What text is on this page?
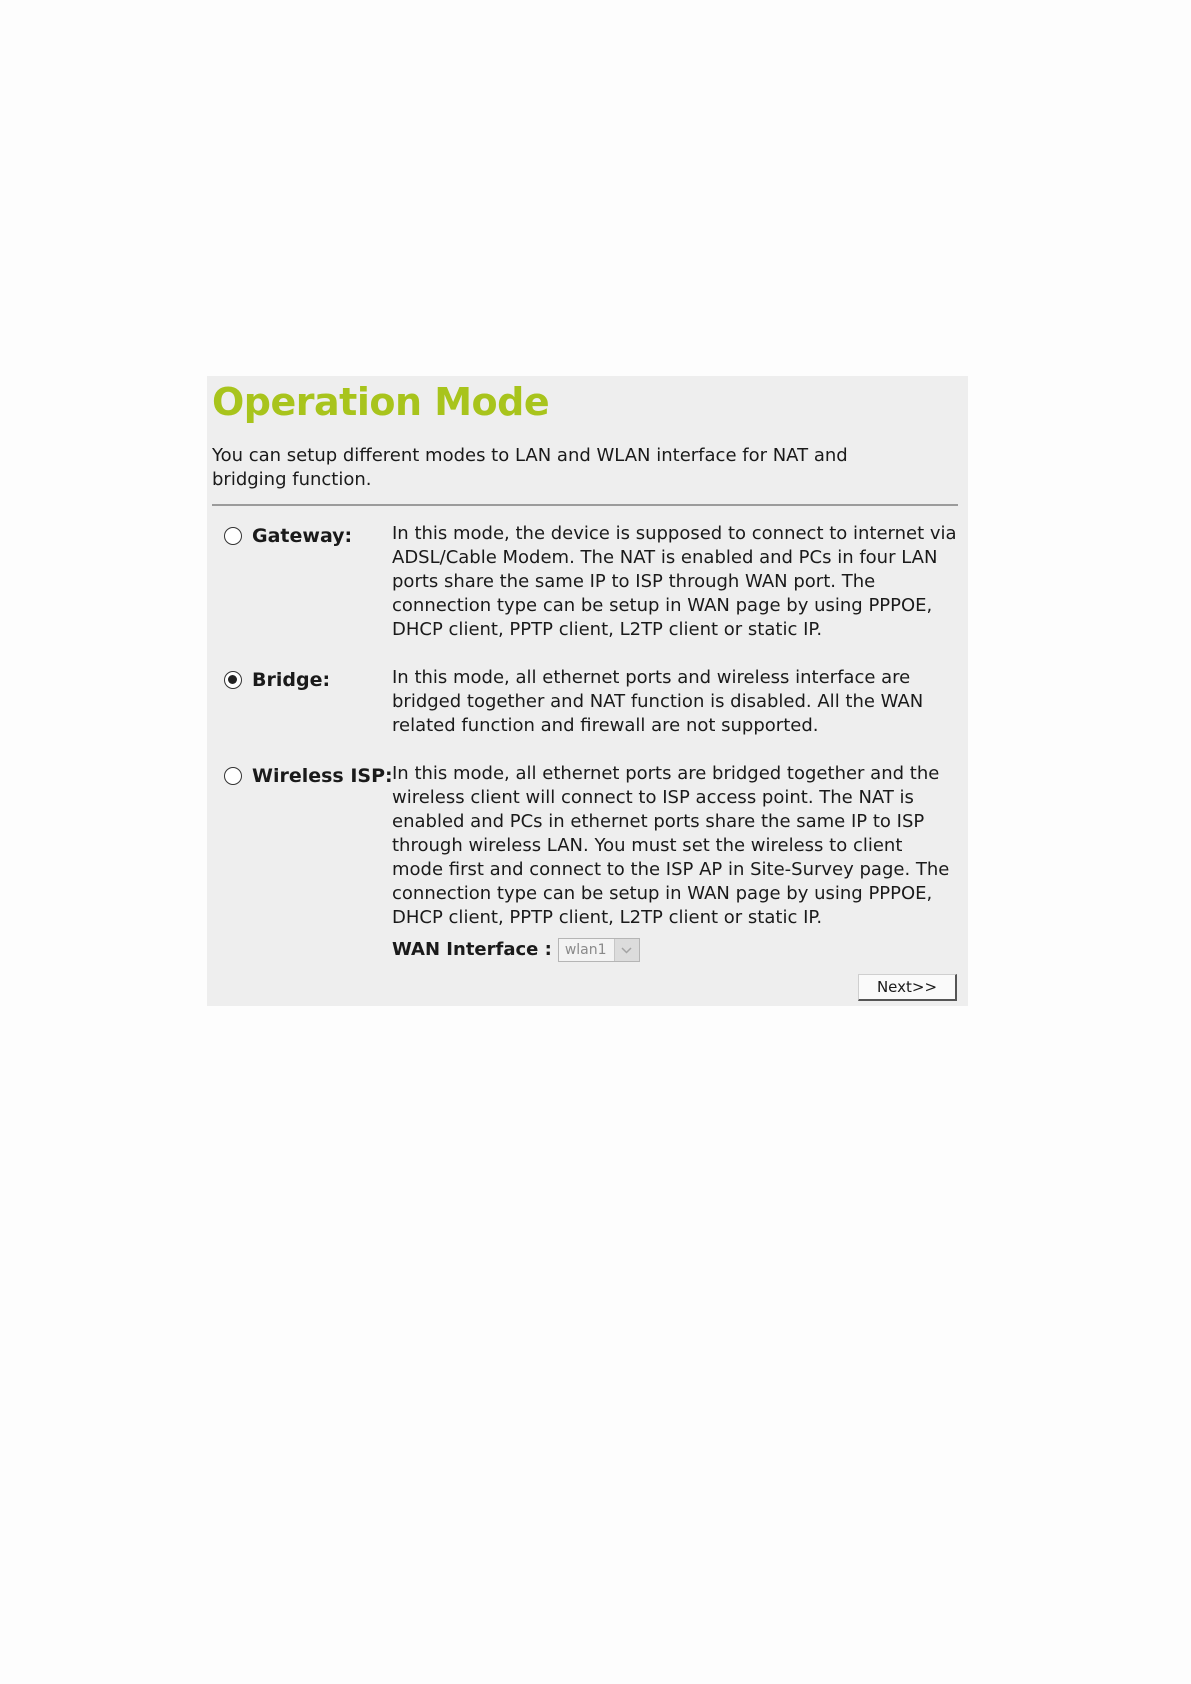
Operation Mode
You can setup different modes to LAN and WLAN interface for NAT and bridging function.
Gateway: In this mode, the device is supposed to connect to internet via ADSL/Cable Modem. The NAT is enabled and PCs in four LAN ports share the same IP to ISP through WAN port. The connection type can be setup in WAN page by using PPPOE, DHCP client, PPTP client, L2TP client or static IP.
Bridge:	In this mode, all ethernet ports and wireless interface are bridged together and NAT function is disabled. All the WAN related function and firewall are not supported.
Wireless ISP: In this mode, all ethernet ports are bridged together and the wireless client will connect to ISP access point. The NAT is enabled and PCs in ethernet ports share the same IP to ISP through wireless LAN. You must set the wireless to client mode first and connect to the ISP AP in Site-Survey page. The connection type can be setup in WAN page by using PPPOE, DHCP client, PPTP client, L2TP client or static IP.
WAN Interface : wlan1
Next>>
